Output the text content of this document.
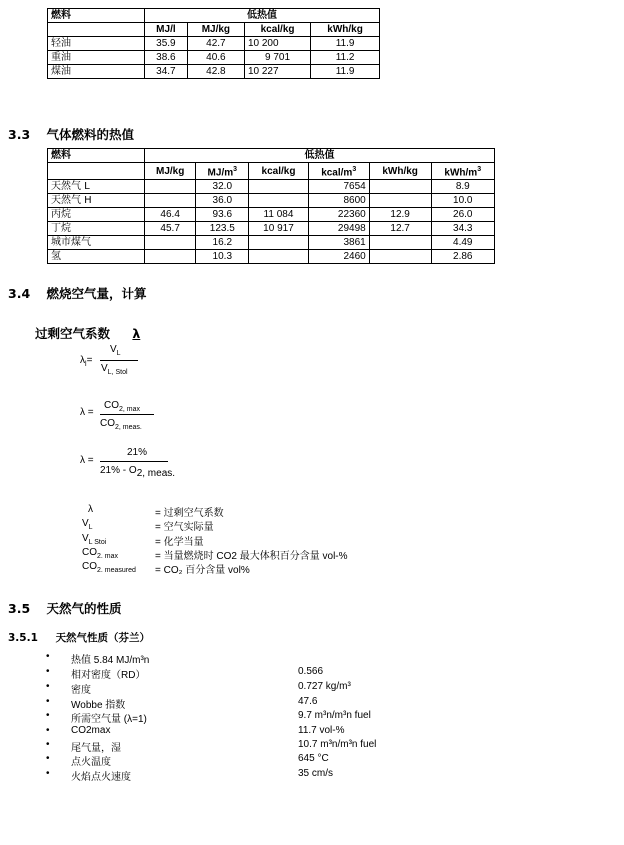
燃料	低热值			
	MJ/l	MJ/kg	kcal/kg	kWh/kg
轻油	35.9	42.7	10 200	11.9
重油	38.6	40.6	9 701	11.2
煤油	34.7	42.8	10 227	11.9
3.3 气体燃料的热值
燃料	低热值					
	MJ/kg	$MJ/m^3$	kcal/kg	kcal/$m^3$	kWh/kg	kWh/$m^3$
天然气 L		32.0		7654		8.9
天然气 H		36.0		8600		10.0
丙烷	46.4	93.6	11 084	22360	12.9	26.0
丁烷	45.7	123.5	10 917	29498	12.7	34.3
城市煤气		16.2		3861		4.49
氢		10.3		2460		2.86
3.4 燃烧空气量，计算
过剩空气系数 λ
$\lambda_l=$
$V_L$
$V_{L, Stol}$
λ =
$CO_{2, max}$
$CO_{2, meas.}$
λ =
21%
$21\% - O_{2, meas.}$
λ	= 过剩空气系数
$V_L$	= 空气实际量
$V_{L Stoi}$	= 化学当量
$CO_{2. max}$	= 当量燃烧时 CO2 最大体积百分含量 vol-%
$CO_{2. measured} = CO_2$ 百分含量 vol%
3.5 天然气的性质
3.5.1 天然气性质（芬兰）
• 热值 5.84 MJ/m³n
• 相对密度（RD）	0.566
• 密度	0.727 kg/m³
• Wobbe 指数	47.6
• 所需空气量 (λ=1)	9.7 m³n/m³n fuel
• CO2max	11.7 vol-%
• 尾气量，湿	10.7 m³n/m³n fuel
• 点火温度	645 °C
• 火焰点火速度	35 cm/s
